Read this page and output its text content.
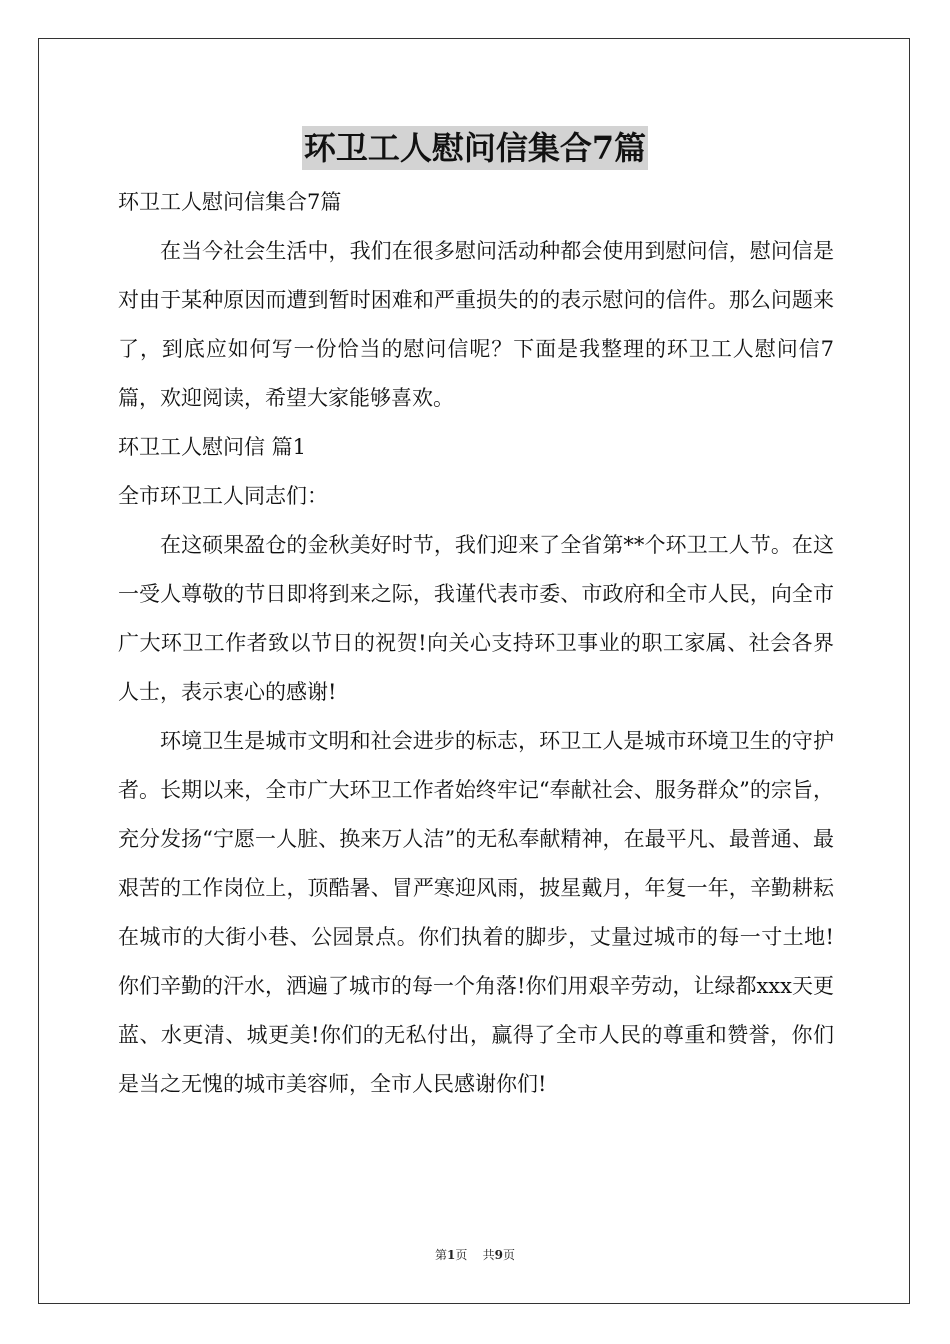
环卫工人慰问信集合7篇

环卫工人慰问信集合7篇

在当今社会生活中，我们在很多慰问活动种都会使用到慰问信，慰问信是对由于某种原因而遭到暂时困难和严重损失的的表示慰问的信件。那么问题来了，到底应如何写一份恰当的慰问信呢？下面是我整理的环卫工人慰问信7篇，欢迎阅读，希望大家能够喜欢。

环卫工人慰问信 篇1

全市环卫工人同志们：

在这硕果盈仓的金秋美好时节，我们迎来了全省第**个环卫工人节。在这一受人尊敬的节日即将到来之际，我谨代表市委、市政府和全市人民，向全市广大环卫工作者致以节日的祝贺!向关心支持环卫事业的职工家属、社会各界人士，表示衷心的感谢!

环境卫生是城市文明和社会进步的标志，环卫工人是城市环境卫生的守护者。长期以来，全市广大环卫工作者始终牢记“奉献社会、服务群众”的宗旨，充分发扬“宁愿一人脏、换来万人洁”的无私奉献精神，在最平凡、最普通、最艰苦的工作岗位上，顶酷暑、冒严寒迎风雨，披星戴月，年复一年，辛勤耕耘在城市的大街小巷、公园景点。你们执着的脚步，丈量过城市的每一寸土地!你们辛勤的汗水，洒遍了城市的每一个角落!你们用艰辛劳动，让绿都xxx天更蓝、水更清、城更美!你们的无私付出，赢得了全市人民的尊重和赞誉，你们是当之无愧的城市美容师，全市人民感谢你们!

第1页 共9页
